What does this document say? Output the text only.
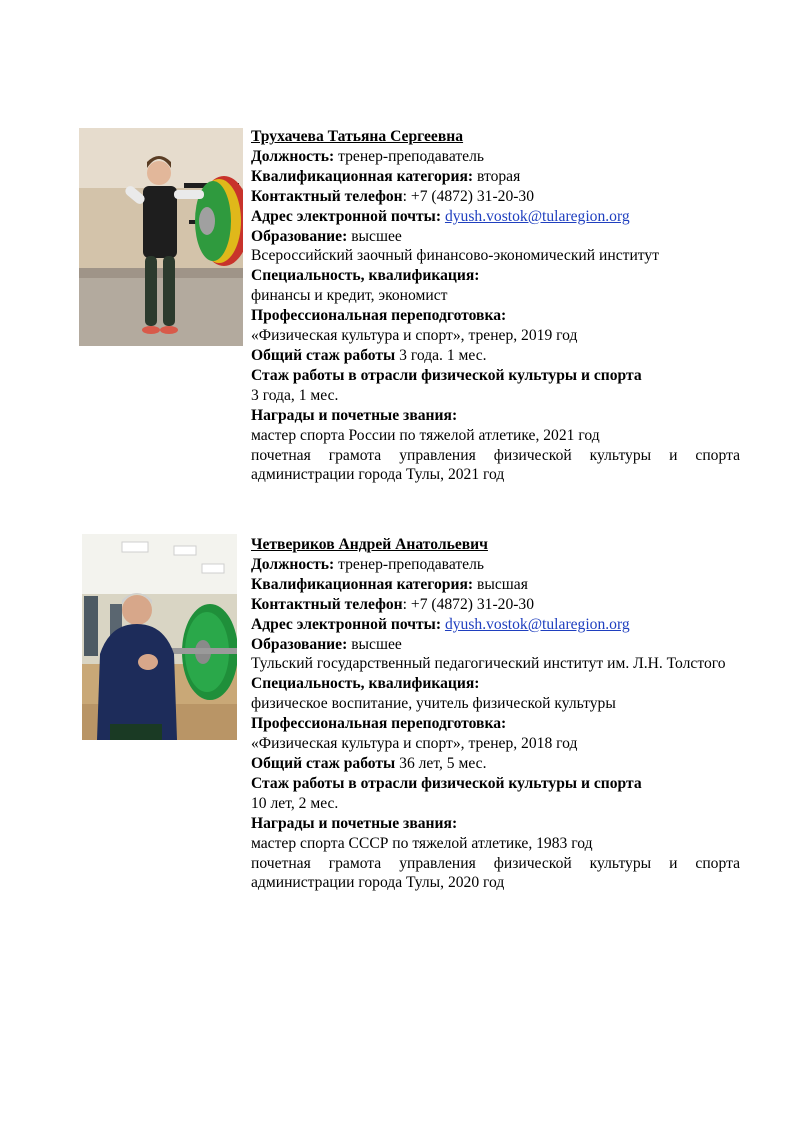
Трухачева Татьяна Сергеевна

Должность: тренер-преподаватель

Квалификационная категория: вторая

Контактный телефон: +7 (4872) 31-20-30

Адрес электронной почты: dyush.vostok@tularegion.org

Образование: высшее

Всероссийский заочный финансово-экономический институт

Специальность, квалификация:

финансы и кредит, экономист

Профессиональная переподготовка:

«Физическая культура и спорт», тренер, 2019 год

Общий стаж работы 3 года. 1 мес.

Стаж работы в отрасли физической культуры и спорта

3 года, 1 мес.

Награды и почетные звания:

мастер спорта России по тяжелой атлетике, 2021 год

почетная грамота управления физической культуры и спорта администрации города Тулы, 2021 год

Четвериков Андрей Анатольевич

Должность: тренер-преподаватель

Квалификационная категория: высшая

Контактный телефон: +7 (4872) 31-20-30

Адрес электронной почты: dyush.vostok@tularegion.org

Образование: высшее

Тульский государственный педагогический институт им. Л.Н. Толстого

Специальность, квалификация:

физическое воспитание, учитель физической культуры

Профессиональная переподготовка:

«Физическая культура и спорт», тренер, 2018 год

Общий стаж работы 36 лет, 5 мес.

Стаж работы в отрасли физической культуры и спорта

10 лет, 2 мес.

Награды и почетные звания:

мастер спорта СССР по тяжелой атлетике, 1983 год

почетная грамота управления физической культуры и спорта администрации города Тулы, 2020 год
